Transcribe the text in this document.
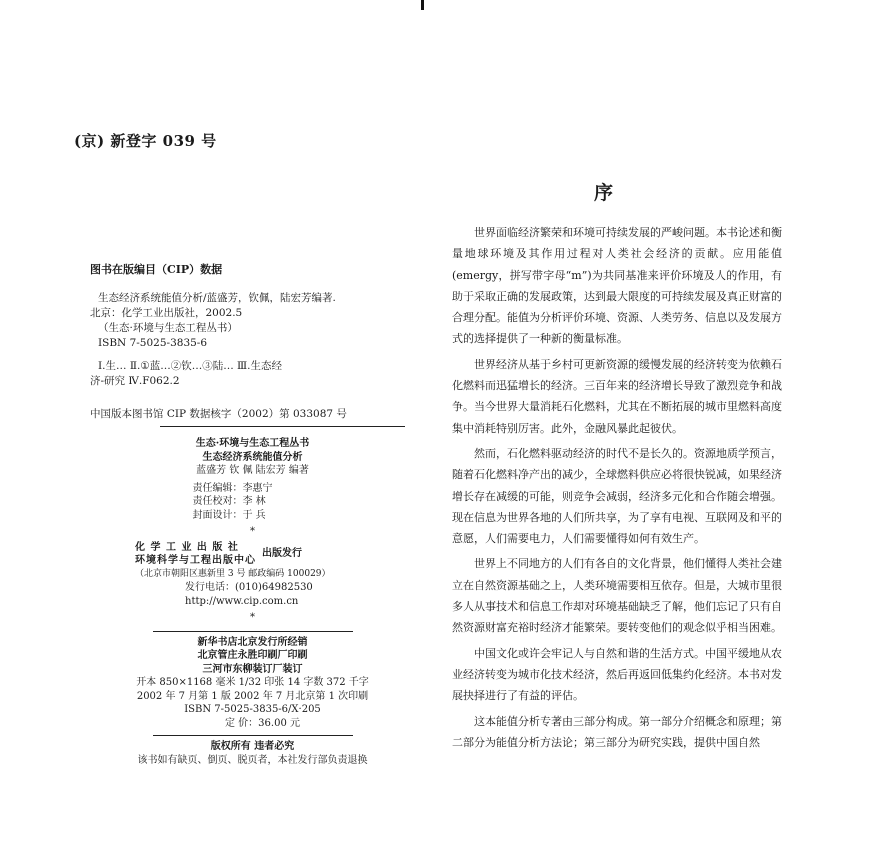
(京) 新登字 039 号
图书在版编目（CIP）数据
生态经济系统能值分析/蓝盛芳，钦佩，陆宏芳编著.
北京：化学工业出版社，2002.5
（生态·环境与生态工程丛书）
ISBN 7-5025-3835-6
Ⅰ.生… Ⅱ.①蓝…②钦…③陆… Ⅲ.生态经
济-研究 Ⅳ.F062.2
中国版本图书馆 CIP 数据核字（2002）第 033087 号
生态·环境与生态工程丛书
生态经济系统能值分析
蓝盛芳 钦 佩 陆宏芳 编著
责任编辑：李惠宁
责任校对：李 林
封面设计：于 兵
*
化 学 工 业 出 版 社
环境科学与工程出版中心
出版发行
（北京市朝阳区惠新里 3 号 邮政编码 100029）
发行电话：(010)64982530
http://www.cip.com.cn
*
新华书店北京发行所经销
北京管庄永胜印刷厂印刷
三河市东柳装订厂装订
开本 850×1168 毫米 1/32 印张 14 字数 372 千字
2002 年 7 月第 1 版 2002 年 7 月北京第 1 次印刷
ISBN 7-5025-3835-6/X·205
定 价：36.00 元
版权所有 违者必究
该书如有缺页、倒页、脱页者，本社发行部负责退换
序

世界面临经济繁荣和环境可持续发展的严峻问题。本书论述和衡量地球环境及其作用过程对人类社会经济的贡献。应用能值(emergy，拼写带字母“m”)为共同基准来评价环境及人的作用，有助于采取正确的发展政策，达到最大限度的可持续发展及真正财富的合理分配。能值为分析评价环境、资源、人类劳务、信息以及发展方式的选择提供了一种新的衡量标准。

世界经济从基于乡村可更新资源的缓慢发展的经济转变为依赖石化燃料而迅猛增长的经济。三百年来的经济增长导致了激烈竞争和战争。当今世界大量消耗石化燃料，尤其在不断拓展的城市里燃料高度集中消耗特别厉害。此外，金融风暴此起彼伏。

然而，石化燃料驱动经济的时代不是长久的。资源地质学预言，随着石化燃料净产出的减少，全球燃料供应必将很快锐减，如果经济增长存在减缓的可能，则竞争会减弱，经济多元化和合作随会增强。现在信息为世界各地的人们所共享，为了享有电视、互联网及和平的意愿，人们需要电力，人们需要懂得如何有效生产。

世界上不同地方的人们有各自的文化背景，他们懂得人类社会建立在自然资源基础之上，人类环境需要相互依存。但是，大城市里很多人从事技术和信息工作却对环境基础缺乏了解，他们忘记了只有自然资源财富充裕时经济才能繁荣。要转变他们的观念似乎相当困难。

中国文化或许会牢记人与自然和谐的生活方式。中国平缓地从农业经济转变为城市化技术经济，然后再返回低集约化经济。本书对发展抉择进行了有益的评估。

这本能值分析专著由三部分构成。第一部分介绍概念和原理；第二部分为能值分析方法论；第三部分为研究实践，提供中国自然
